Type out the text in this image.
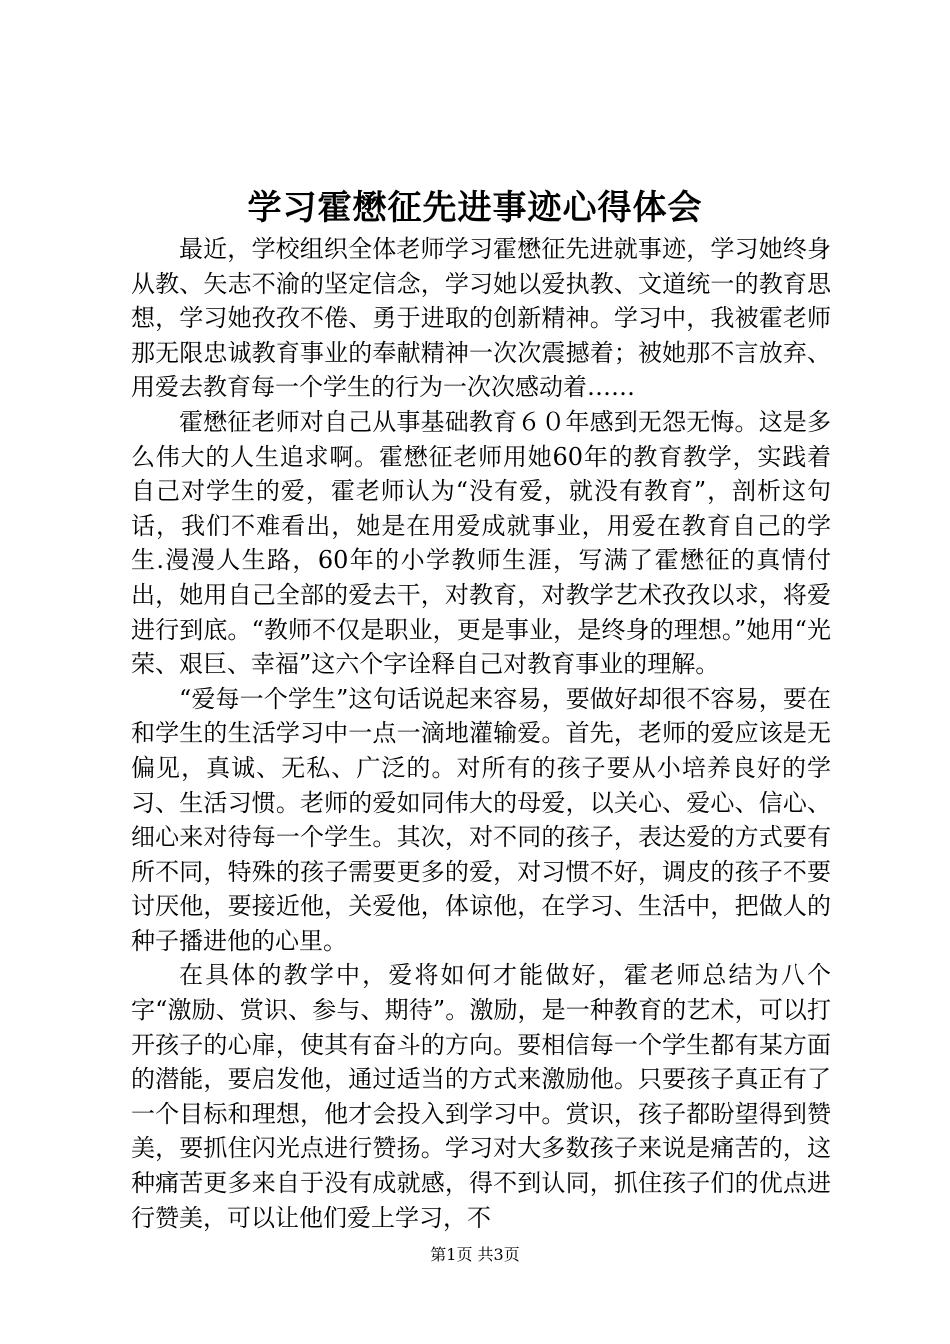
学习霍懋征先进事迹心得体会

最近，学校组织全体老师学习霍懋征先进就事迹，学习她终身从教、矢志不渝的坚定信念，学习她以爱执教、文道统一的教育思想，学习她孜孜不倦、勇于进取的创新精神。学习中，我被霍老师那无限忠诚教育事业的奉献精神一次次震撼着；被她那不言放弃、用爱去教育每一个学生的行为一次次感动着……

霍懋征老师对自己从事基础教育６０年感到无怨无悔。这是多么伟大的人生追求啊。霍懋征老师用她60年的教育教学，实践着自己对学生的爱，霍老师认为“没有爱，就没有教育”，剖析这句话，我们不难看出，她是在用爱成就事业，用爱在教育自己的学生.漫漫人生路，60年的小学教师生涯，写满了霍懋征的真情付出，她用自己全部的爱去干，对教育，对教学艺术孜孜以求，将爱进行到底。“教师不仅是职业，更是事业，是终身的理想。”她用“光荣、艰巨、幸福”这六个字诠释自己对教育事业的理解。

“爱每一个学生”这句话说起来容易，要做好却很不容易，要在和学生的生活学习中一点一滴地灌输爱。首先，老师的爱应该是无偏见，真诚、无私、广泛的。对所有的孩子要从小培养良好的学习、生活习惯。老师的爱如同伟大的母爱，以关心、爱心、信心、细心来对待每一个学生。其次，对不同的孩子，表达爱的方式要有所不同，特殊的孩子需要更多的爱，对习惯不好，调皮的孩子不要讨厌他，要接近他，关爱他，体谅他，在学习、生活中，把做人的种子播进他的心里。

在具体的教学中，爱将如何才能做好，霍老师总结为八个字“激励、赏识、参与、期待”。激励，是一种教育的艺术，可以打开孩子的心扉，使其有奋斗的方向。要相信每一个学生都有某方面的潜能，要启发他，通过适当的方式来激励他。只要孩子真正有了一个目标和理想，他才会投入到学习中。赏识，孩子都盼望得到赞美，要抓住闪光点进行赞扬。学习对大多数孩子来说是痛苦的，这种痛苦更多来自于没有成就感，得不到认同，抓住孩子们的优点进行赞美，可以让他们爱上学习，不

第1页 共3页
